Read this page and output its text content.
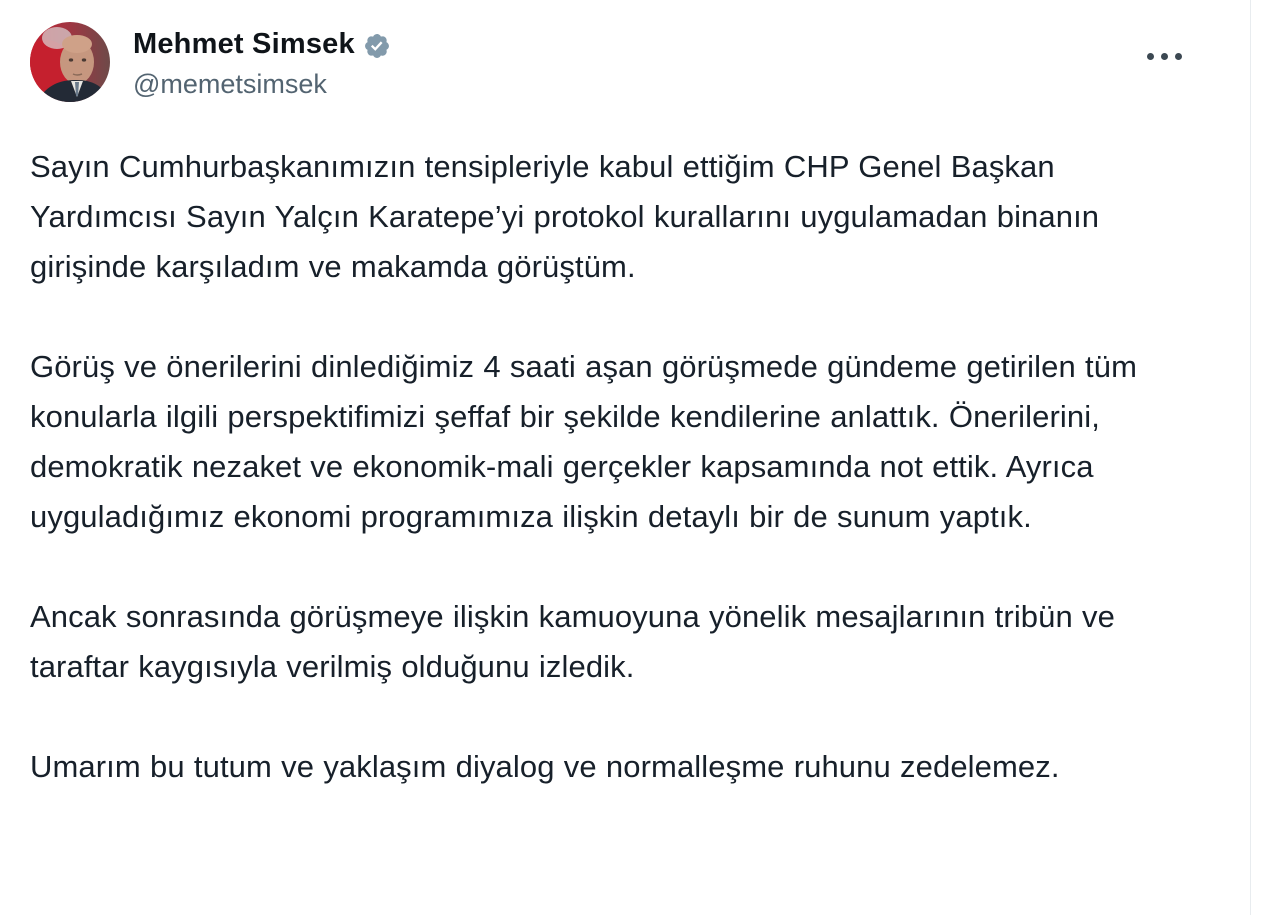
Mehmet Simsek
@memetsimsek

Sayın Cumhurbaşkanımızın tensipleriyle kabul ettiğim CHP Genel Başkan Yardımcısı Sayın Yalçın Karatepe’yi protokol kurallarını uygulamadan binanın girişinde karşıladım ve makamda görüştüm.

Görüş ve önerilerini dinlediğimiz 4 saati aşan görüşmede gündeme getirilen tüm konularla ilgili perspektifimizi şeffaf bir şekilde kendilerine anlattık. Önerilerini, demokratik nezaket ve ekonomik-mali gerçekler kapsamında not ettik. Ayrıca uyguladığımız ekonomi programımıza ilişkin detaylı bir de sunum yaptık.

Ancak sonrasında görüşmeye ilişkin kamuoyuna yönelik mesajlarının tribün ve taraftar kaygısıyla verilmiş olduğunu izledik.

Umarım bu tutum ve yaklaşım diyalog ve normalleşme ruhunu zedelemez.
